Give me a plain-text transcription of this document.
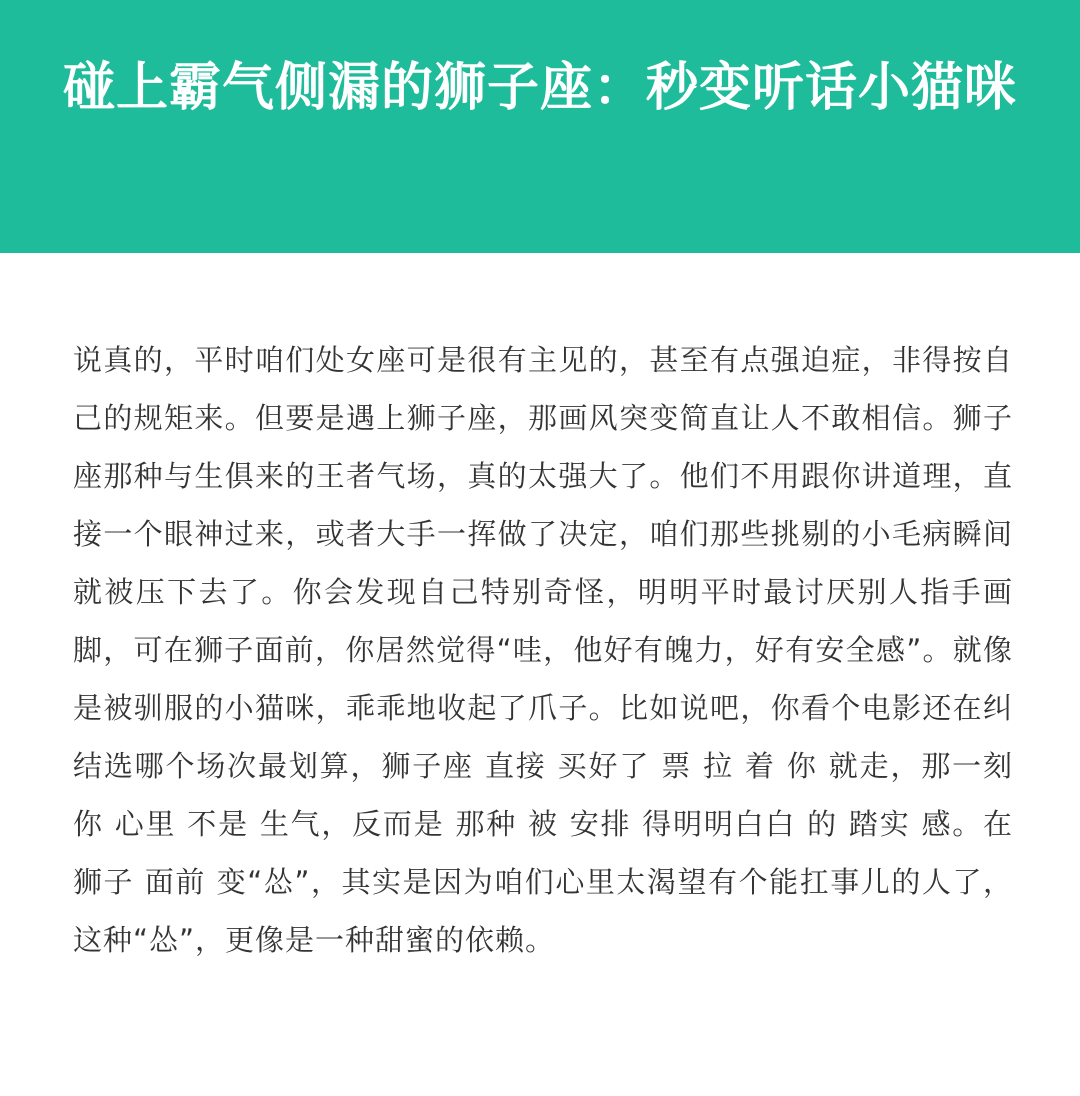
碰上霸气侧漏的狮子座：秒变听话小猫咪

说真的，平时咱们处女座可是很有主见的，甚至有点强迫症，非得按自己的规矩来。但要是遇上狮子座，那画风突变简直让人不敢相信。狮子座那种与生俱来的王者气场，真的太强大了。他们不用跟你讲道理，直接一个眼神过来，或者大手一挥做了决定，咱们那些挑剔的小毛病瞬间就被压下去了。你会发现自己特别奇怪，明明平时最讨厌别人指手画脚，可在狮子面前，你居然觉得“哇，他好有魄力，好有安全感”。就像是被驯服的小猫咪，乖乖地收起了爪子。比如说吧，你看个电影还在纠结选哪个场次最划算，狮子座 直接 买好了 票 拉 着 你 就走，那一刻 你 心里 不是 生气，反而是 那种 被 安排 得明明白白 的 踏实 感。在 狮子 面前 变“怂”，其实是因为咱们心里太渴望有个能扛事儿的人了，这种“怂”，更像是一种甜蜜的依赖。
